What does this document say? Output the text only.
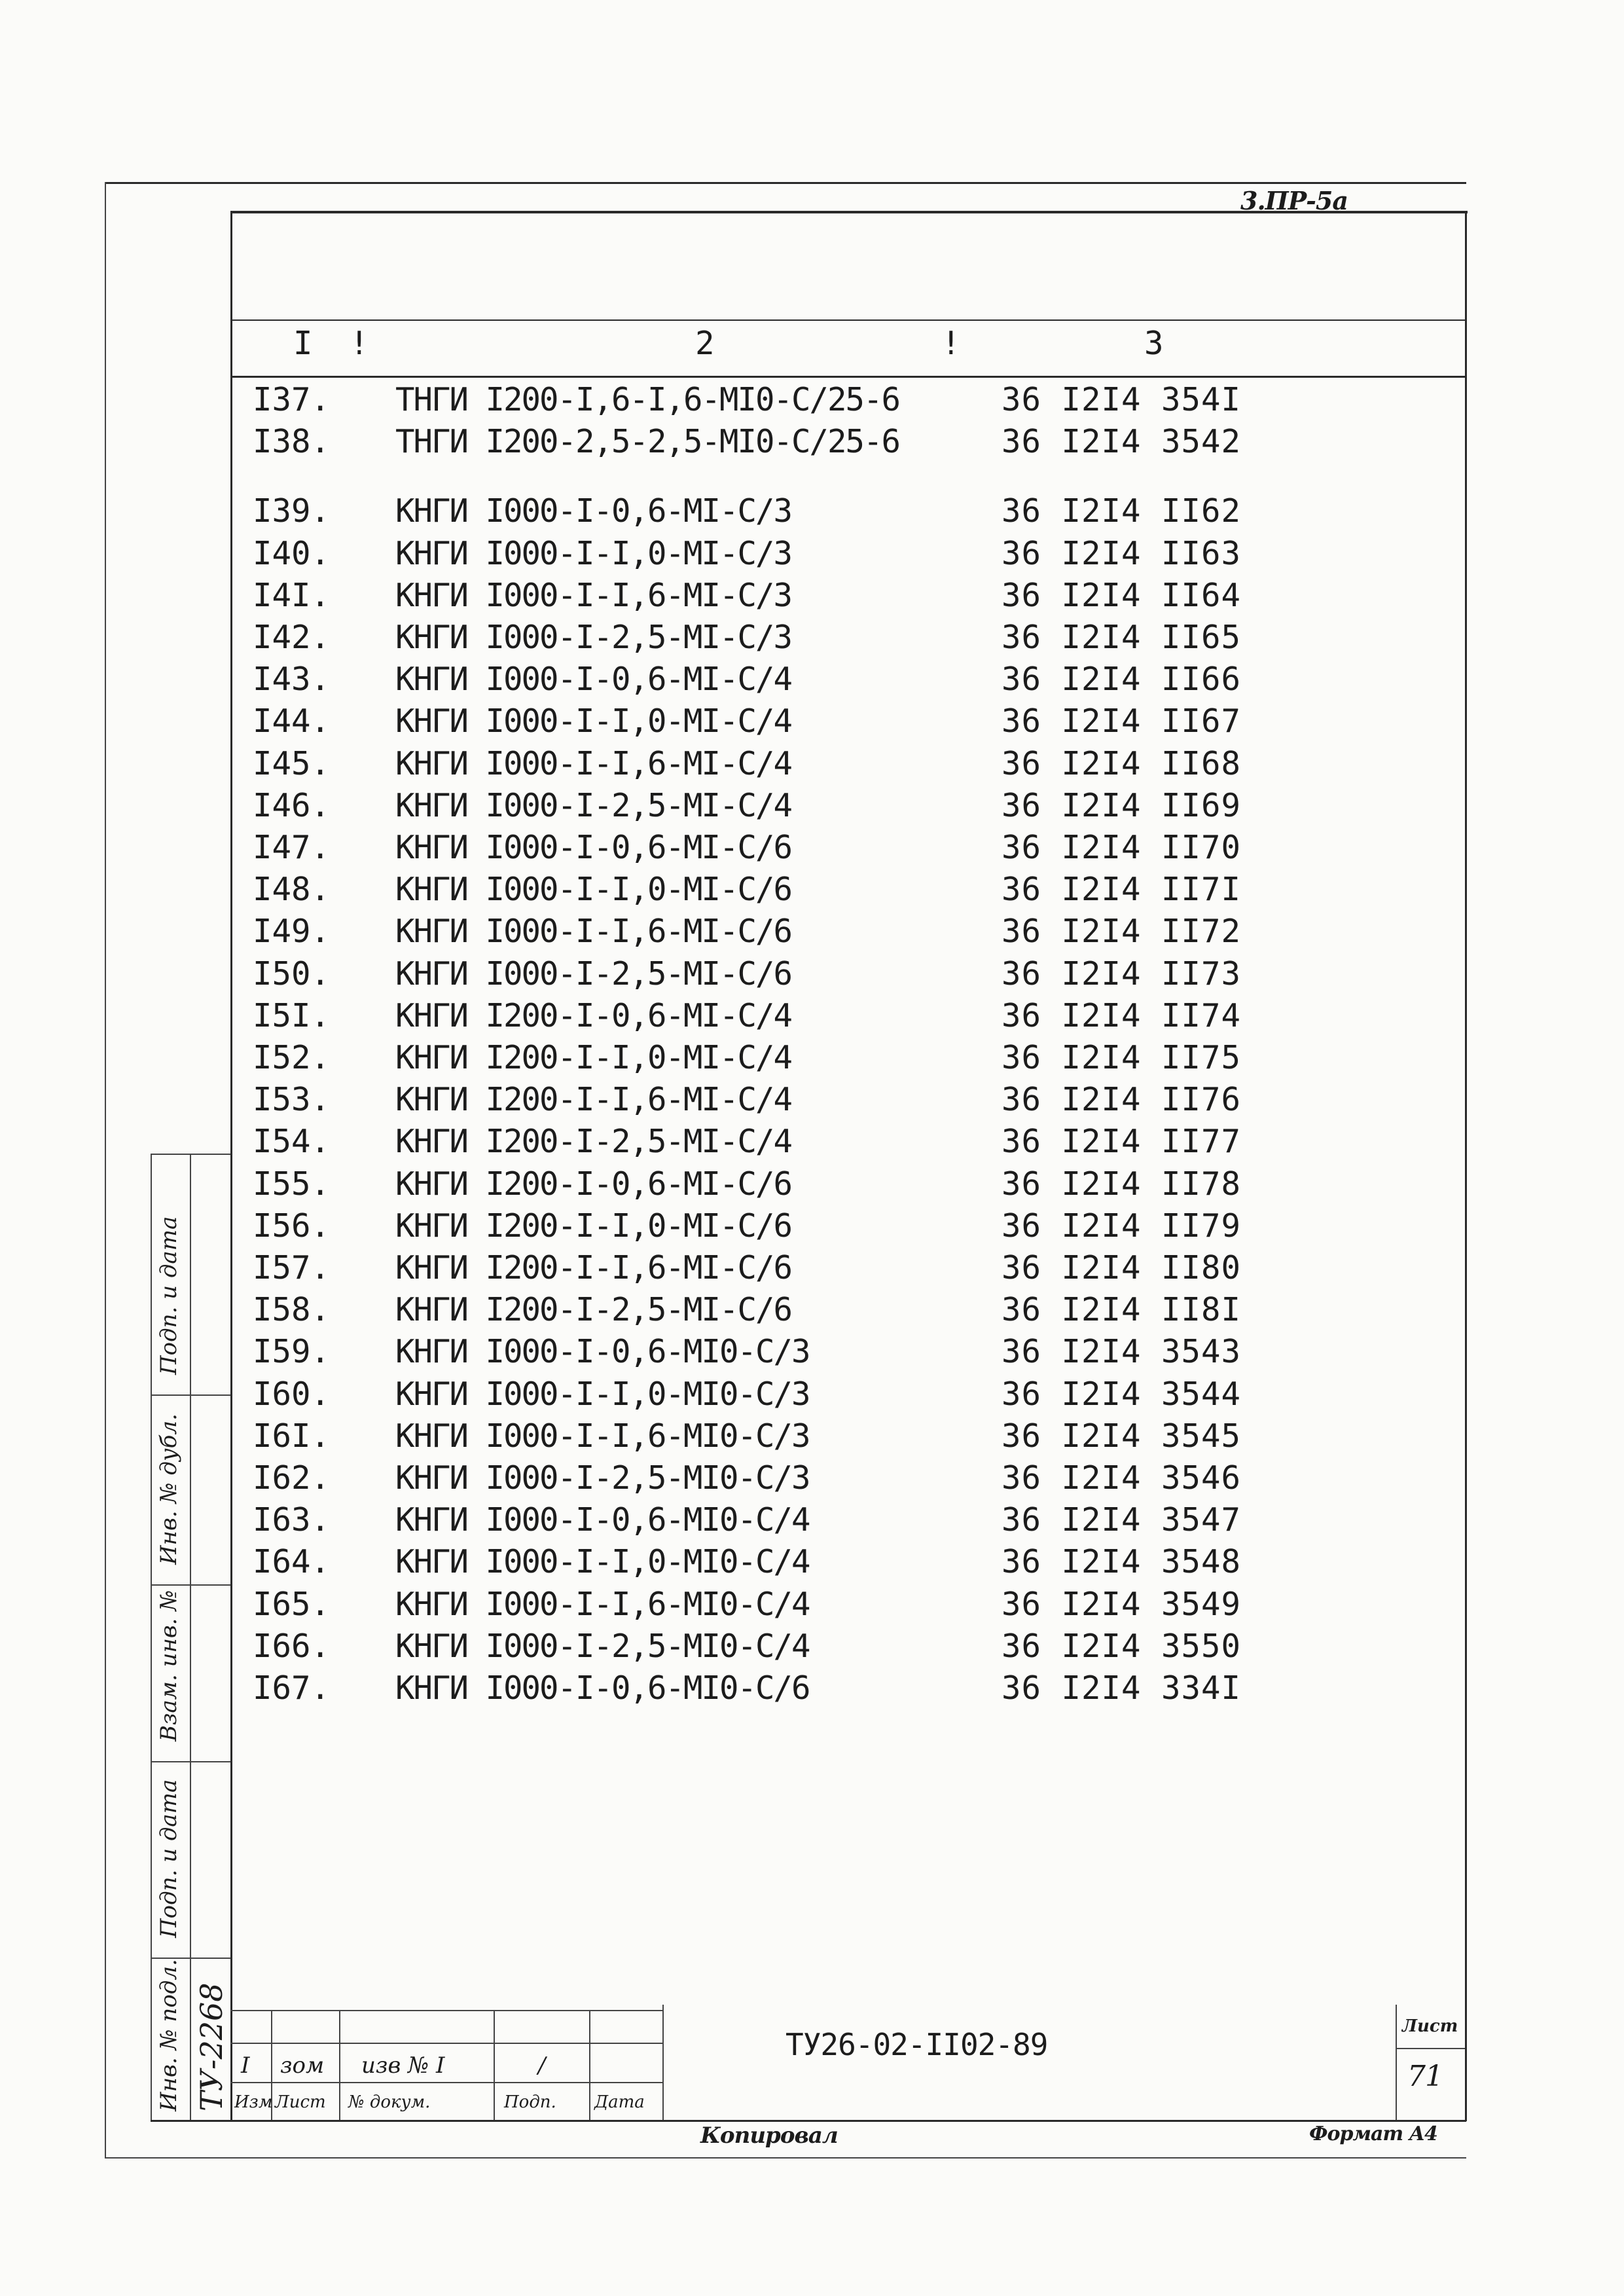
3.ПР-5а
I !	2	!	3
I37. ТНГИ I200-I,6-I,6-MI0-C/25-6	36 I2I4 354I
I38. ТНГИ I200-2,5-2,5-MI0-C/25-6	36 I2I4 3542
I39. КНГИ I000-I-0,6-MI-C/3	36 I2I4 II62
I40. КНГИ I000-I-I,0-MI-C/3	36 I2I4 II63
I4I. КНГИ I000-I-I,6-MI-C/3	36 I2I4 II64
I42. КНГИ I000-I-2,5-MI-C/3	36 I2I4 II65
I43. КНГИ I000-I-0,6-MI-C/4	36 I2I4 II66
I44. КНГИ I000-I-I,0-MI-C/4	36 I2I4 II67
I45. КНГИ I000-I-I,6-MI-C/4	36 I2I4 II68
I46. КНГИ I000-I-2,5-MI-C/4	36 I2I4 II69
I47. КНГИ I000-I-0,6-MI-C/6	36 I2I4 II70
I48. КНГИ I000-I-I,0-MI-C/6	36 I2I4 II7I
I49. КНГИ I000-I-I,6-MI-C/6	36 I2I4 II72
I50. КНГИ I000-I-2,5-MI-C/6	36 I2I4 II73
I5I. КНГИ I200-I-0,6-MI-C/4	36 I2I4 II74
I52. КНГИ I200-I-I,0-MI-C/4	36 I2I4 II75
I53. КНГИ I200-I-I,6-MI-C/4	36 I2I4 II76
I54. КНГИ I200-I-2,5-MI-C/4	36 I2I4 II77
I55. КНГИ I200-I-0,6-MI-C/6	36 I2I4 II78
I56. КНГИ I200-I-I,0-MI-C/6	36 I2I4 II79
I57. КНГИ I200-I-I,6-MI-C/6	36 I2I4 II80
I58. КНГИ I200-I-2,5-MI-C/6	36 I2I4 II8I
I59. КНГИ I000-I-0,6-MI0-C/3	36 I2I4 3543
I60. КНГИ I000-I-I,0-MI0-C/3	36 I2I4 3544
I6I. КНГИ I000-I-I,6-MI0-C/3	36 I2I4 3545
I62. КНГИ I000-I-2,5-MI0-C/3	36 I2I4 3546
I63. КНГИ I000-I-0,6-MI0-C/4	36 I2I4 3547
I64. КНГИ I000-I-I,0-MI0-C/4	36 I2I4 3548
I65. КНГИ I000-I-I,6-MI0-C/4	36 I2I4 3549
I66. КНГИ I000-I-2,5-MI0-C/4	36 I2I4 3550
I67. КНГИ I000-I-0,6-MI0-C/6	36 I2I4 334I
Подп. и дата
Инв. № дубл.
Взам. инв. №
Подп. и дата
Инв. № подл. ТУ-2268 I зом изв № I	/
Изм Лист № докум.	Подп. Дата
ТУ26-02-II02-89
Лист
71
Копировал	Формат А4
